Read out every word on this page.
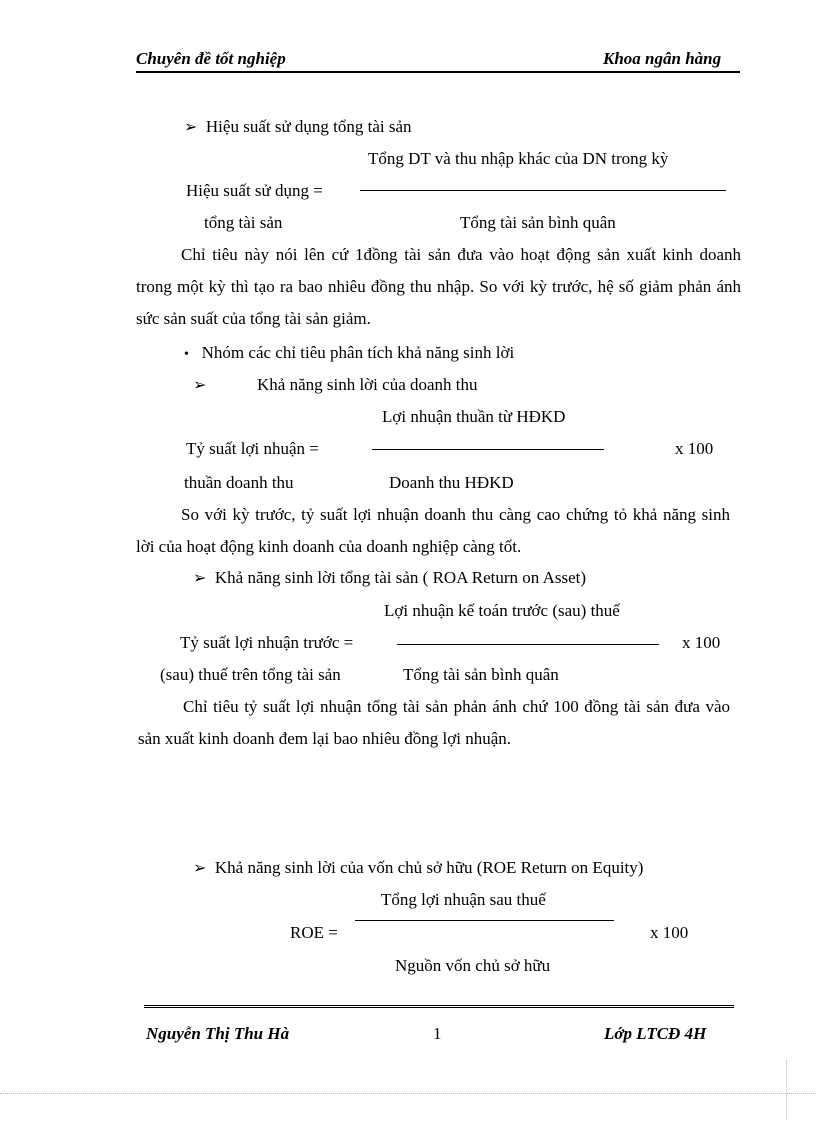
Chuyên đề tốt nghiệp	Khoa ngân hàng
➢ Hiệu suất sử dụng tổng tài sản
Tổng DT và thu nhập khác của DN trong kỳ
Hiệu suất sử dụng =
tổng tài sản	Tổng tài sản bình quân
Chỉ tiêu này nói lên cứ 1đồng tài sản đưa vào hoạt động sản xuất kinh doanh trong một kỳ thì tạo ra bao nhiêu đồng thu nhập. So với kỳ trước, hệ số giảm phản ánh sức sản suất của tổng tài sản giảm.
• Nhóm các chỉ tiêu phân tích khả năng sinh lời
➢	Khả năng sinh lời của doanh thu
Lợi nhuận thuần từ HĐKD
Tỷ suất lợi nhuận =	x 100
thuần doanh thu	Doanh thu HĐKD
So với kỳ trước, tỷ suất lợi nhuận doanh thu càng cao chứng tỏ khả năng sinh lời của hoạt động kinh doanh của doanh nghiệp càng tốt.
➢ Khả năng sinh lời tổng tài sản ( ROA Return on Asset)
Lợi nhuận kế toán trước (sau) thuế
Tỷ suất lợi nhuận trước =	x 100
(sau) thuế trên tổng tài sản	Tổng tài sản bình quân
Chỉ tiêu tỷ suất lợi nhuận tổng tài sản phản ánh chứ 100 đồng tài sản đưa vào sản xuất kinh doanh đem lại bao nhiêu đồng lợi nhuận.
➢ Khả năng sinh lời của vốn chủ sở hữu (ROE Return on Equity)
Tổng lợi nhuận sau thuế
ROE =	x 100
Nguồn vốn chủ sở hữu
Nguyễn Thị Thu Hà	1	Lớp LTCĐ 4H
